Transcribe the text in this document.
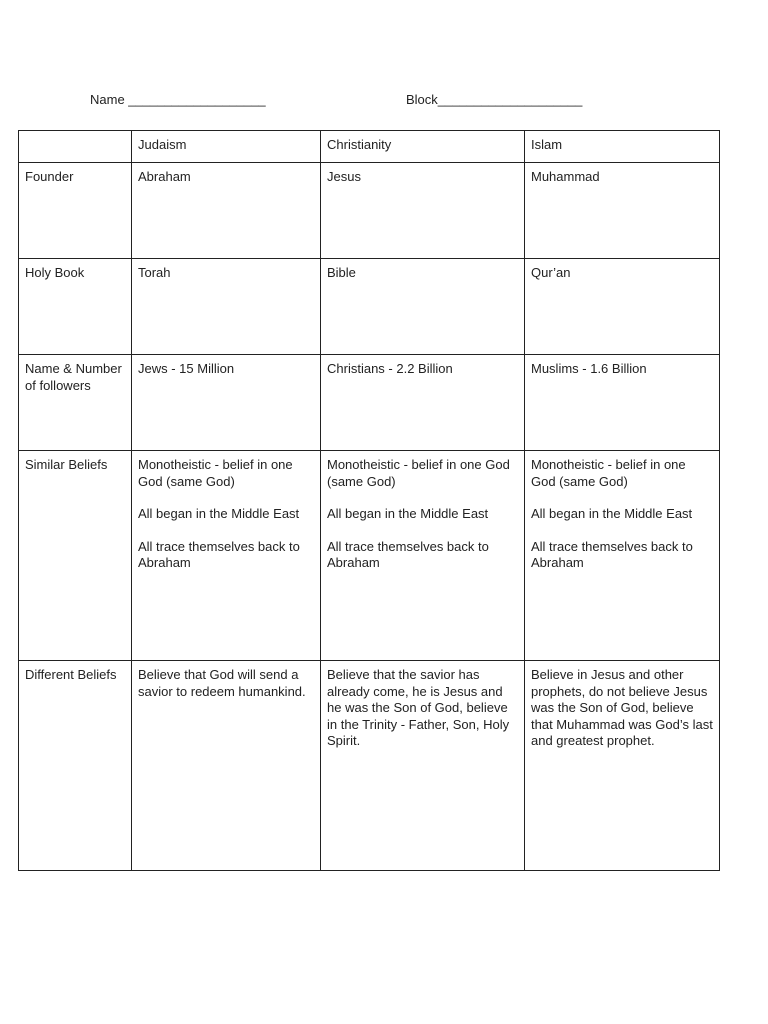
Name ___________________	Block____________________
	Judaism	Christianity	Islam
Founder	Abraham	Jesus	Muhammad
Holy Book	Torah	Bible	Qur’an
Name & Number of followers	Jews - 15 Million	Christians - 2.2 Billion	Muslims - 1.6 Billion
Similar Beliefs	Monotheistic - belief in one God (same God)
All began in the Middle East
All trace themselves back to Abraham	Monotheistic - belief in one God (same God)
All began in the Middle East
All trace themselves back to Abraham	Monotheistic - belief in one God (same God)
All began in the Middle East
All trace themselves back to Abraham

Different Beliefs	Believe that God will send a savior to redeem humankind.	Believe that the savior has already come, he is Jesus and he was the Son of God, believe in the Trinity - Father, Son, Holy Spirit.	Believe in Jesus and other prophets, do not believe Jesus was the Son of God, believe that Muhammad was God’s last and greatest prophet.
